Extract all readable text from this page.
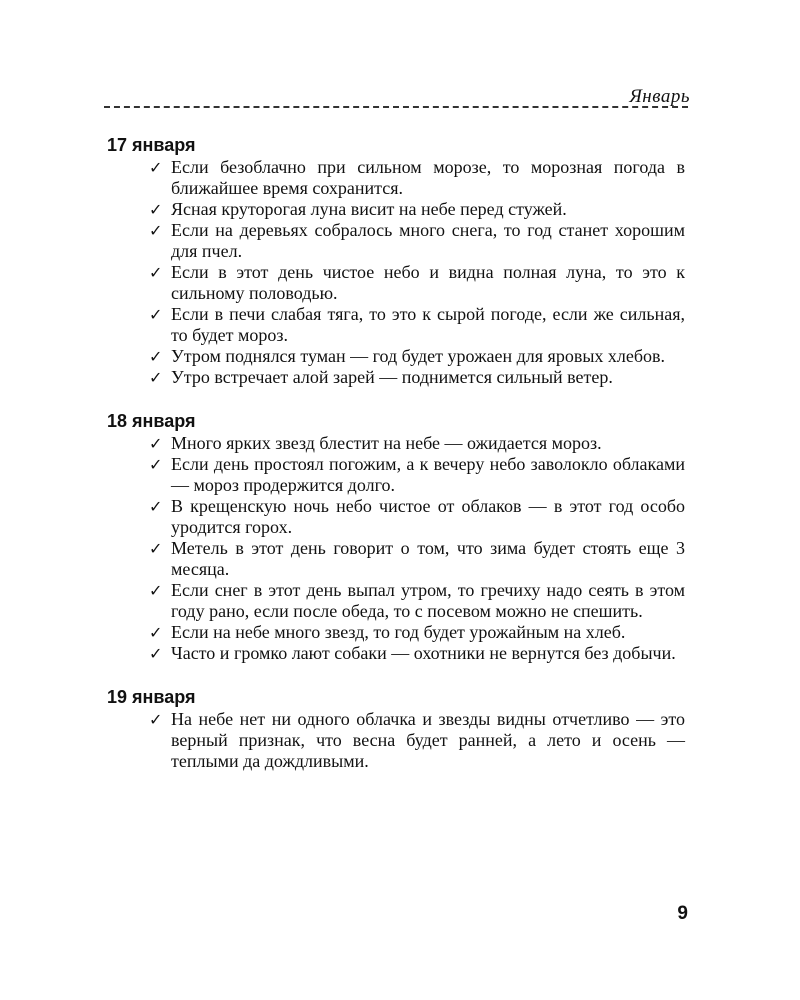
Январь
17 января
✓ Если безоблачно при сильном морозе, то морозная погода в ближайшее время сохранится.
✓ Ясная круторогая луна висит на небе перед стужей.
✓ Если на деревьях собралось много снега, то год станет хорошим для пчел.
✓ Если в этот день чистое небо и видна полная луна, то это к сильному половодью.
✓ Если в печи слабая тяга, то это к сырой погоде, если же сильная, то будет мороз.
✓ Утром поднялся туман — год будет урожаен для яровых хлебов.
✓ Утро встречает алой зарей — поднимется сильный ветер.
18 января
✓ Много ярких звезд блестит на небе — ожидается мороз.
✓ Если день простоял погожим, а к вечеру небо заволокло облаками — мороз продержится долго.
✓ В крещенскую ночь небо чистое от облаков — в этот год особо уродится горох.
✓ Метель в этот день говорит о том, что зима будет стоять еще 3 месяца.
✓ Если снег в этот день выпал утром, то гречиху надо сеять в этом году рано, если после обеда, то с посевом можно не спешить.
✓ Если на небе много звезд, то год будет урожайным на хлеб.
✓ Часто и громко лают собаки — охотники не вернутся без добычи.
19 января
✓ На небе нет ни одного облачка и звезды видны отчетливо — это верный признак, что весна будет ранней, а лето и осень — теплыми да дождливыми.
9
